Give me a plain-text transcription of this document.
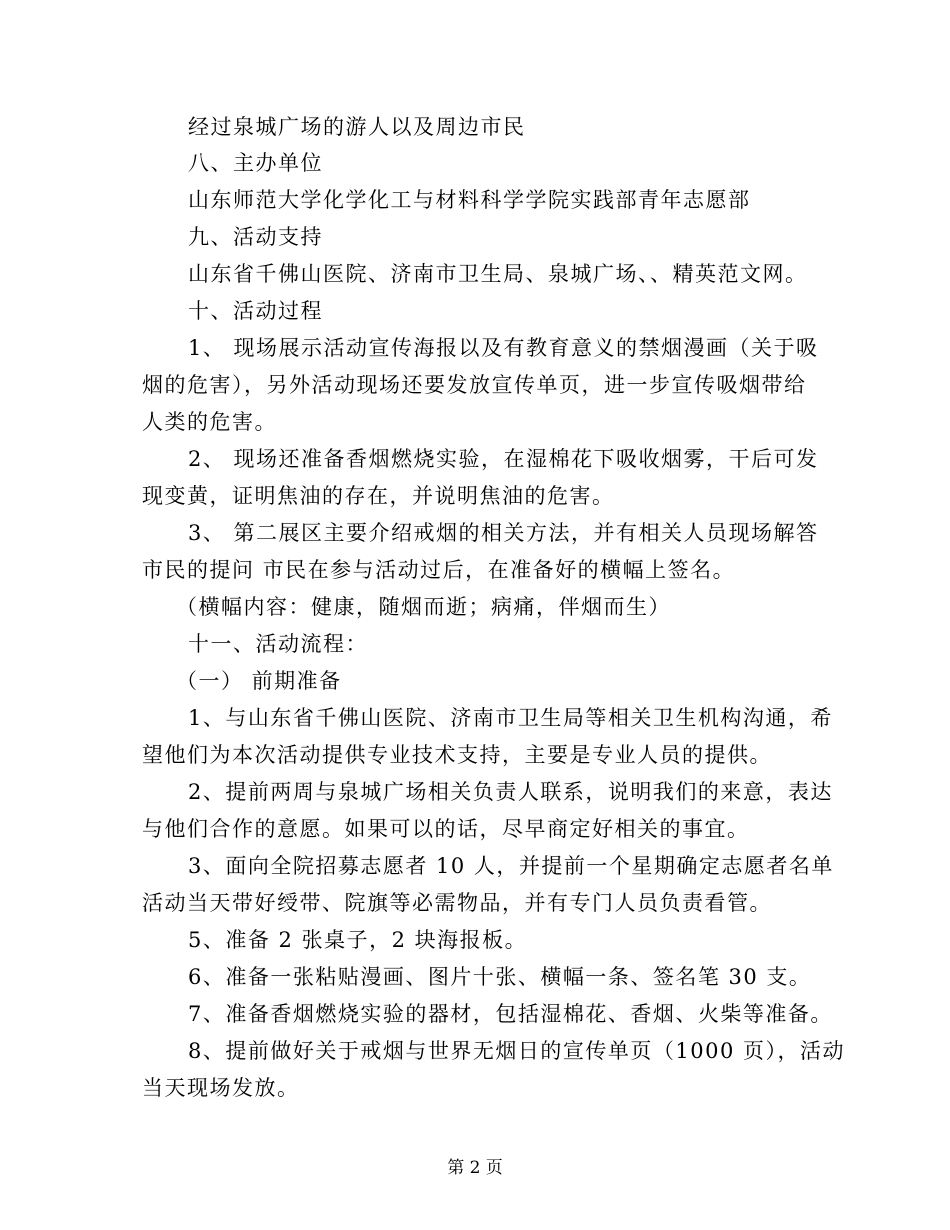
经过泉城广场的游人以及周边市民
八、主办单位
山东师范大学化学化工与材料科学学院实践部青年志愿部
九、活动支持
山东省千佛山医院、济南市卫生局、泉城广场、、精英范文网。
十、活动过程
1、 现场展示活动宣传海报以及有教育意义的禁烟漫画（关于吸
烟的危害），另外活动现场还要发放宣传单页，进一步宣传吸烟带给
人类的危害。
2、 现场还准备香烟燃烧实验，在湿棉花下吸收烟雾，干后可发
现变黄，证明焦油的存在，并说明焦油的危害。
3、 第二展区主要介绍戒烟的相关方法，并有相关人员现场解答
市民的提问 市民在参与活动过后，在准备好的横幅上签名。
（横幅内容：健康，随烟而逝；病痛，伴烟而生）
十一、活动流程：
（一） 前期准备
1、与山东省千佛山医院、济南市卫生局等相关卫生机构沟通，希
望他们为本次活动提供专业技术支持，主要是专业人员的提供。
2、提前两周与泉城广场相关负责人联系，说明我们的来意，表达
与他们合作的意愿。如果可以的话，尽早商定好相关的事宜。
3、面向全院招募志愿者 10 人，并提前一个星期确定志愿者名单
活动当天带好绶带、院旗等必需物品，并有专门人员负责看管。
5、准备 2 张桌子，2 块海报板。
6、准备一张粘贴漫画、图片十张、横幅一条、签名笔 30 支。
7、准备香烟燃烧实验的器材，包括湿棉花、香烟、火柴等准备。
8、提前做好关于戒烟与世界无烟日的宣传单页（1000 页），活动
当天现场发放。
第 2 页
